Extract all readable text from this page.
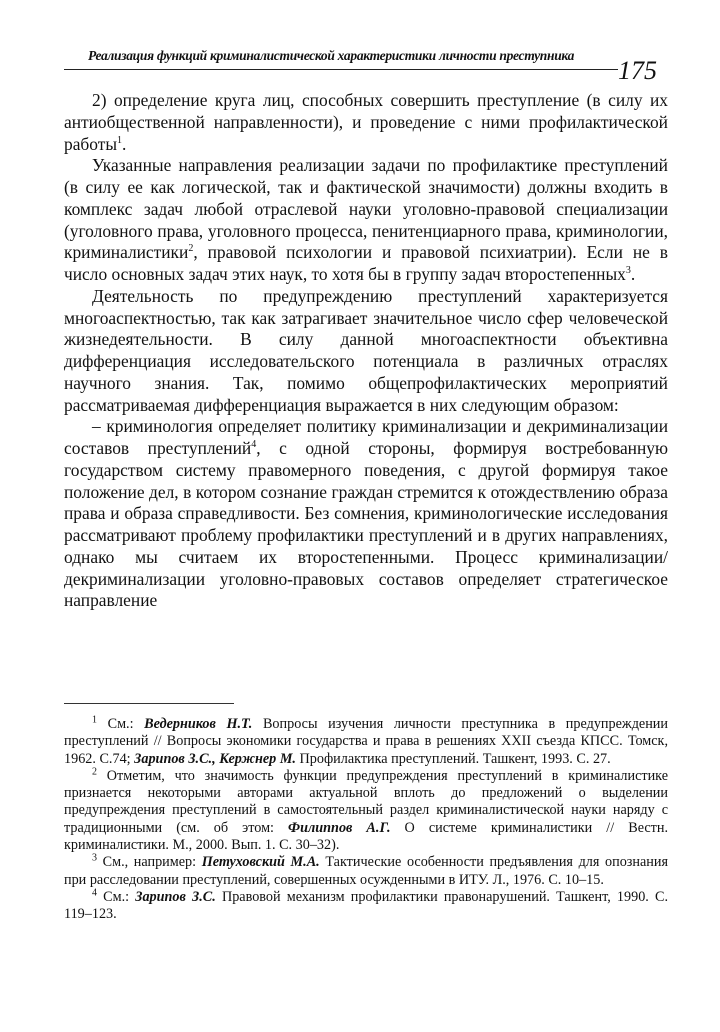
Реализация функций криминалистической характеристики личности преступника
175

2) определение круга лиц, способных совершить преступление (в силу их антиобщественной направленности), и проведение с ними профилактической работы$^1$.

Указанные направления реализации задачи по профилактике преступлений (в силу ее как логической, так и фактической значимости) должны входить в комплекс задач любой отраслевой науки уголовно-правовой специализации (уголовного права, уголовного процесса, пенитенциарного права, криминологии, криминалистики$^2$, правовой психологии и правовой психиатрии). Если не в число основных задач этих наук, то хотя бы в группу задач второстепенных$^3$.

Деятельность по предупреждению преступлений характеризуется многоаспектностью, так как затрагивает значительное число сфер человеческой жизнедеятельности. В силу данной многоаспектности объективна дифференциация исследовательского потенциала в различных отраслях научного знания. Так, помимо общепрофилактических мероприятий рассматриваемая дифференциация выражается в них следующим образом:

– криминология определяет политику криминализации и декриминализации составов преступлений$^4$, с одной стороны, формируя востребованную государством систему правомерного поведения, с другой формируя такое положение дел, в котором сознание граждан стремится к отождествлению образа права и образа справедливости. Без сомнения, криминологические исследования рассматривают проблему профилактики преступлений и в других направлениях, однако мы считаем их второстепенными. Процесс криминализации/декриминализации уголовно-правовых составов определяет стратегическое направление

$^1$ См.: Ведерников Н.Т. Вопросы изучения личности преступника в предупреждении преступлений // Вопросы экономики государства и права в решениях XXII съезда КПСС. Томск, 1962. С.74; Зарипов З.С., Кержнер М. Профилактика преступлений. Ташкент, 1993. С. 27.

$^2$ Отметим, что значимость функции предупреждения преступлений в криминалистике признается некоторыми авторами актуальной вплоть до предложений о выделении предупреждения преступлений в самостоятельный раздел криминалистической науки наряду с традиционными (см. об этом: Филиппов А.Г. О системе криминалистики // Вестн. криминалистики. М., 2000. Вып. 1. С. 30–32).

$^3$ См., например: Петуховский М.А. Тактические особенности предъявления для опознания при расследовании преступлений, совершенных осужденными в ИТУ. Л., 1976. С. 10–15.

$^4$ См.: Зарипов З.С. Правовой механизм профилактики правонарушений. Ташкент, 1990. С. 119–123.
